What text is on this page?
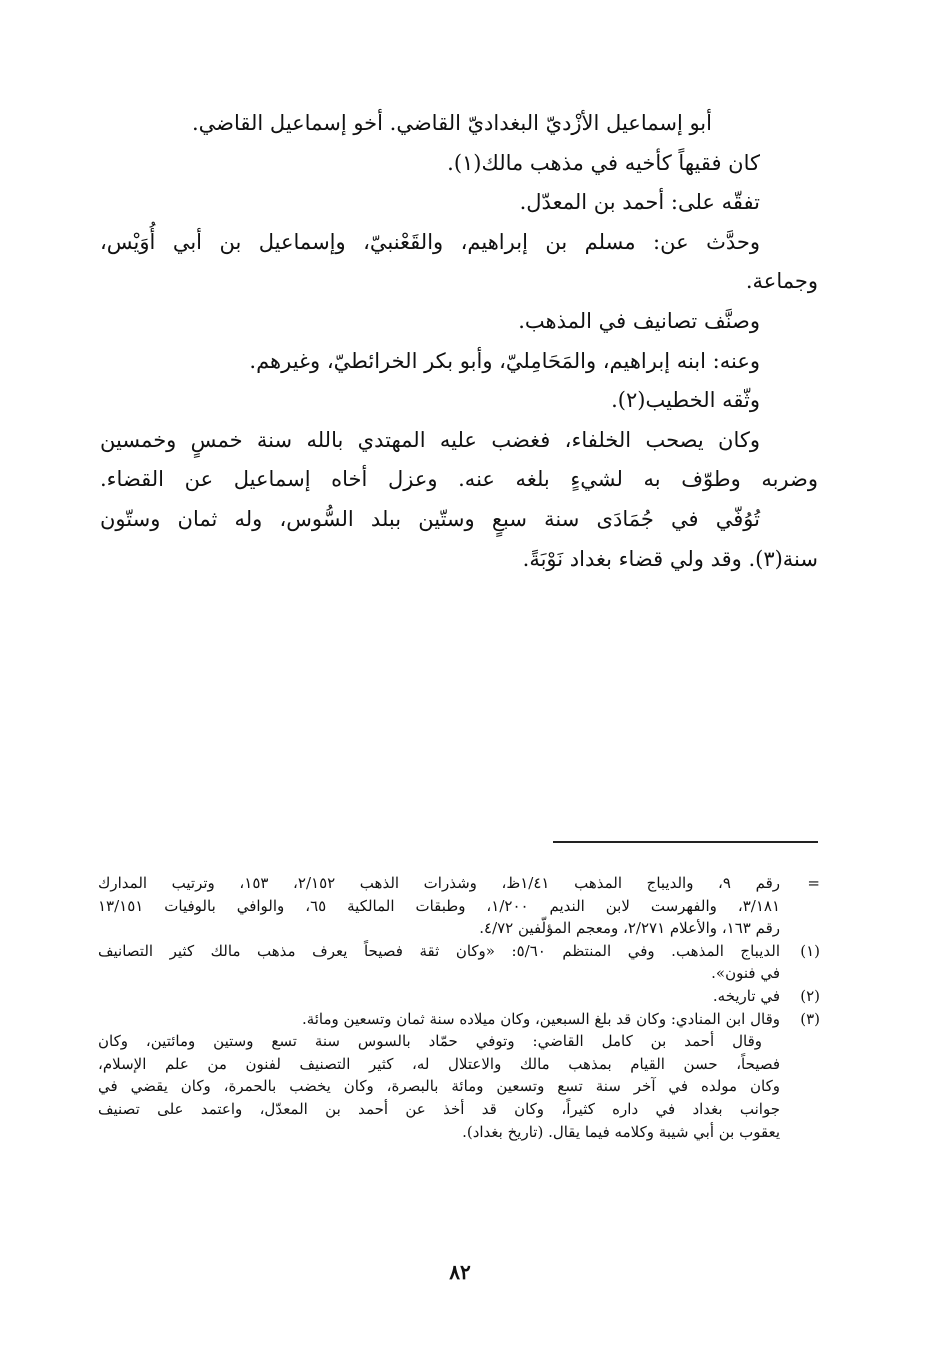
أبو إسماعيل الأزْديّ البغداديّ القاضي. أخو إسماعيل القاضي.

كان فقيهاً كأخيه في مذهب مالك(١).

تفقّه على: أحمد بن المعدّل.

وحدَّث عن: مسلم بن إبراهيم، والقَعْنبيّ، وإسماعيل بن أبي أُوَيْس،

وجماعة.

وصنَّف تصانيف في المذهب.

وعنه: ابنه إبراهيم، والمَحَامِليّ، وأبو بكر الخرائطيّ، وغيرهم.

وثّقه الخطيب(٢).

وكان يصحب الخلفاء، فغضب عليه المهتدي بالله سنة خمسٍ وخمسين

وضربه وطوّف به لشيءٍ بلغه عنه. وعزل أخاه إسماعيل عن القضاء.

تُوُفّي في جُمَادَى سنة سبعٍ وستّين ببلد السُّوس، وله ثمان وستّون

سنة(٣). وقد ولي قضاء بغداد نَوْبَةً.

=

رقم ٩، والديباج المذهب ١/٤١ظ، وشذرات الذهب ٢/١٥٢، ١٥٣، وترتيب المدارك

٣/١٨١، والفهرست لابن النديم ١/٢٠٠، وطبقات المالكية ٦٥، والوافي بالوفيات ١٣/١٥١

رقم ١٦٣، والأعلام ٢/٢٧١، ومعجم المؤلّفين ٤/٧٢.

(١)

الديباج المذهب. وفي المنتظم ٥/٦٠: «وكان ثقة فصيحاً يعرف مذهب مالك كثير التصانيف

في فنون».

(٢)

في تاريخه.

(٣)

وقال ابن المنادي: وكان قد بلغ السبعين، وكان ميلاده سنة ثمان وتسعين ومائة.

وقال أحمد بن كامل القاضي: وتوفي حمّاد بالسوس سنة تسع وستين ومائتين، وكان

فصيحاً، حسن القيام بمذهب مالك والاعتلال له، كثير التصنيف لفنون من علم الإسلام،

وكان مولده في آخر سنة تسع وتسعين ومائة بالبصرة، وكان يخضب بالحمرة، وكان يقضي في

جوانب بغداد في داره كثيراً، وكان قد أخذ عن أحمد بن المعدّل، واعتمد على تصنيف

يعقوب بن أبي شيبة وكلامه فيما يقال. (تاريخ بغداد).

٨٢
